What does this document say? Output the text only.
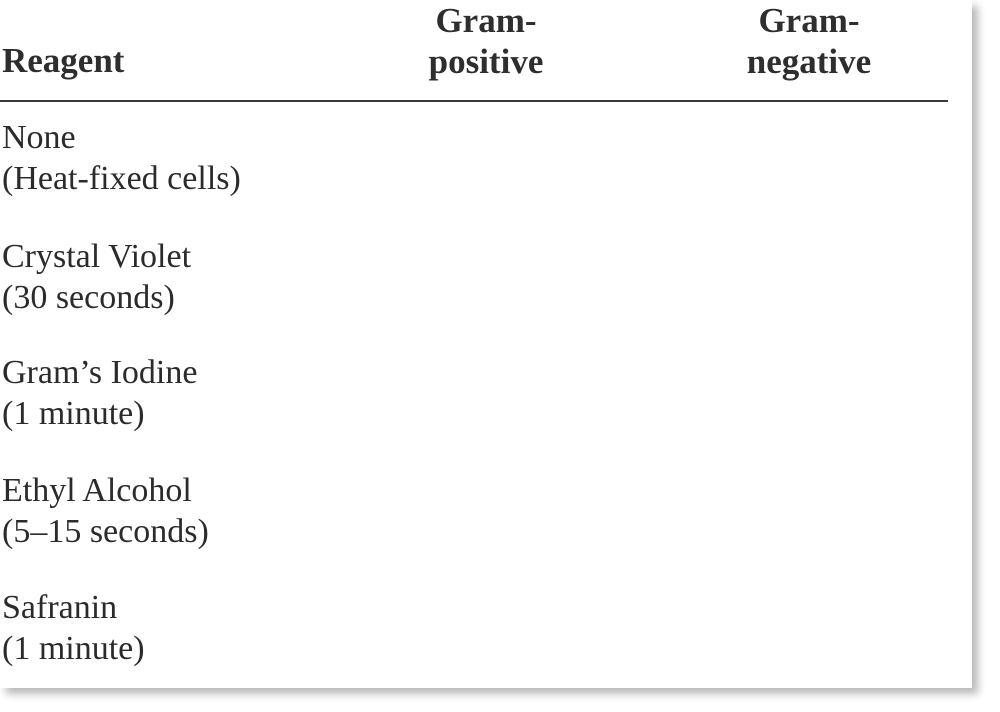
Reagent
Gram-
positive
Gram-
negative
None
(Heat-fixed cells)
Crystal Violet
(30 seconds)
Gram’s Iodine
(1 minute)
Ethyl Alcohol
(5–15 seconds)
Safranin
(1 minute)
